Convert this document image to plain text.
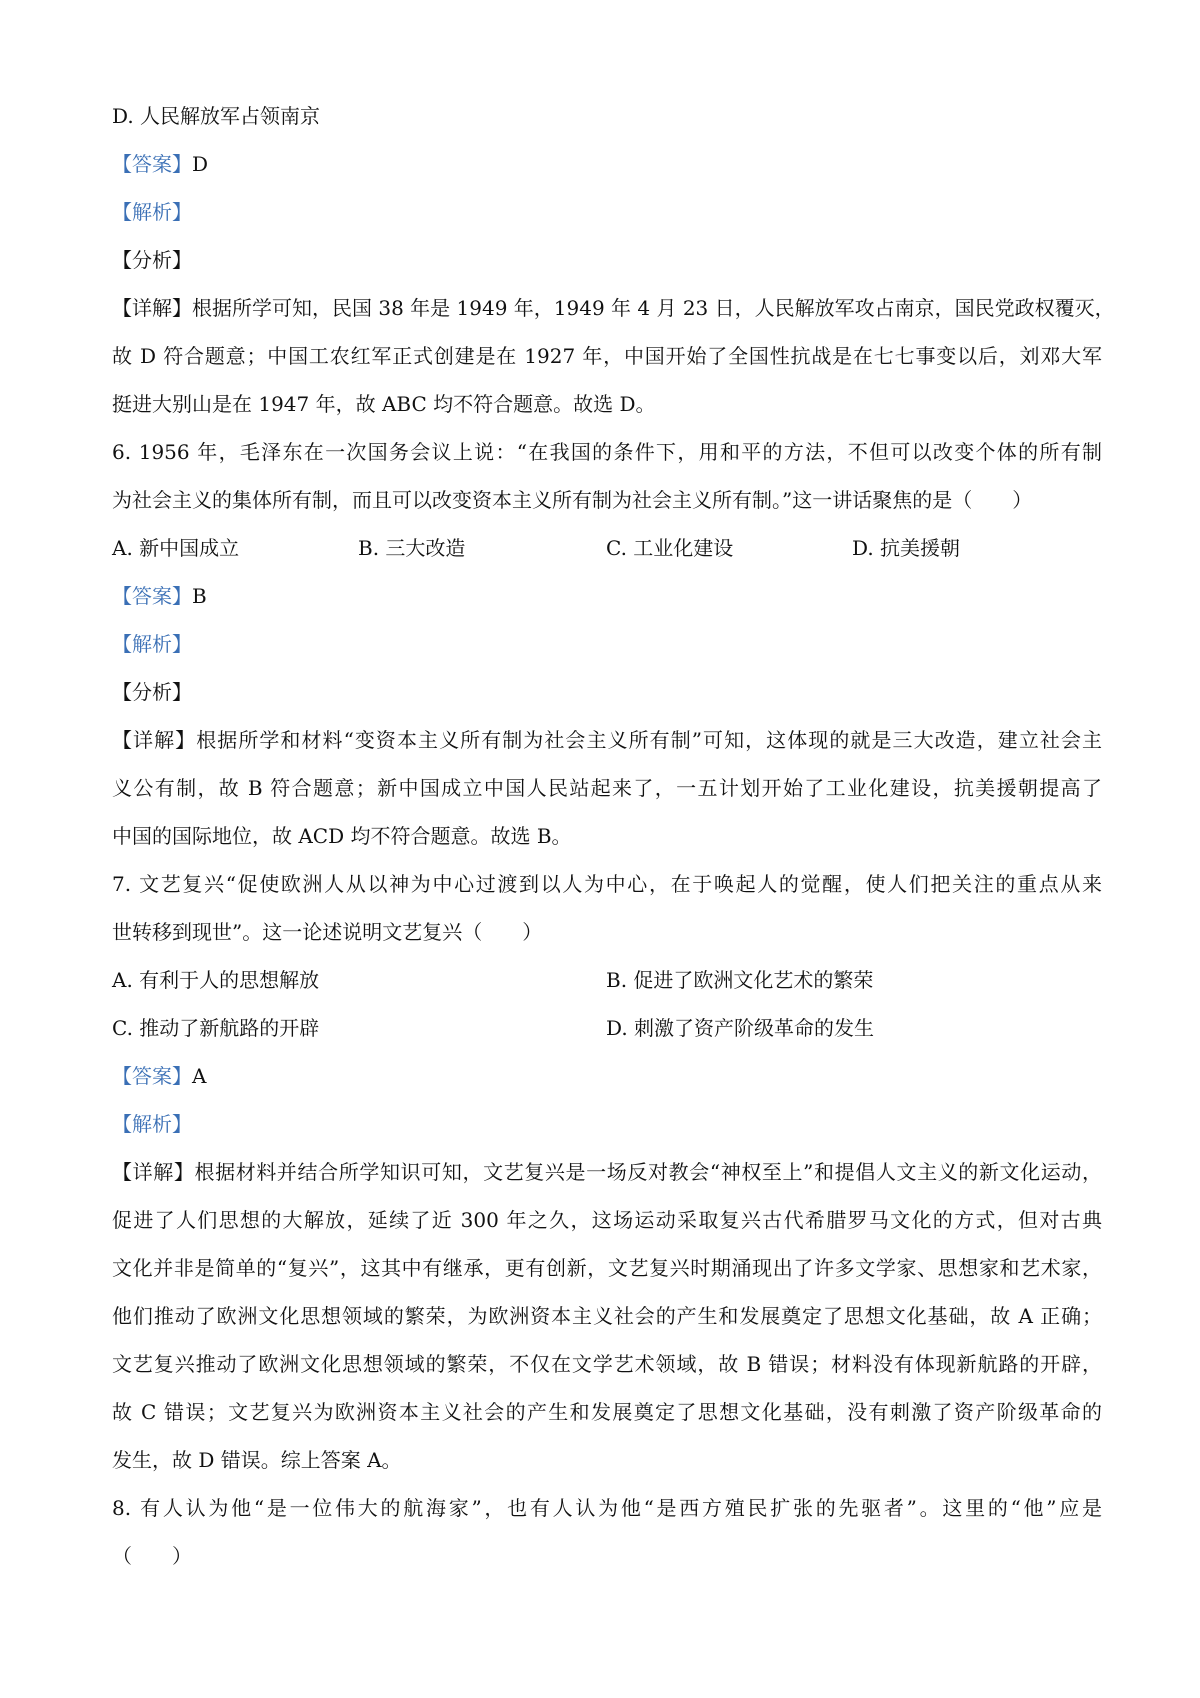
D. 人民解放军占领南京
【答案】D
【解析】
【分析】
【详解】根据所学可知，民国 38 年是 1949 年，1949 年 4 月 23 日，人民解放军攻占南京，国民党政权覆灭，
故 D 符合题意；中国工农红军正式创建是在 1927 年，中国开始了全国性抗战是在七七事变以后，刘邓大军
挺进大别山是在 1947 年，故 ABC 均不符合题意。故选 D。
6. 1956 年，毛泽东在一次国务会议上说：“在我国的条件下，用和平的方法，不但可以改变个体的所有制
为社会主义的集体所有制，而且可以改变资本主义所有制为社会主义所有制。”这一讲话聚焦的是（　　）
A. 新中国成立	B. 三大改造	C. 工业化建设	D. 抗美援朝
【答案】B
【解析】
【分析】
【详解】根据所学和材料“变资本主义所有制为社会主义所有制”可知，这体现的就是三大改造，建立社会主
义公有制，故 B 符合题意；新中国成立中国人民站起来了，一五计划开始了工业化建设，抗美援朝提高了
中国的国际地位，故 ACD 均不符合题意。故选 B。
7. 文艺复兴“促使欧洲人从以神为中心过渡到以人为中心，在于唤起人的觉醒，使人们把关注的重点从来
世转移到现世”。这一论述说明文艺复兴（　　）
A. 有利于人的思想解放	B. 促进了欧洲文化艺术的繁荣
C. 推动了新航路的开辟	D. 刺激了资产阶级革命的发生
【答案】A
【解析】
【详解】根据材料并结合所学知识可知，文艺复兴是一场反对教会“神权至上”和提倡人文主义的新文化运动，
促进了人们思想的大解放，延续了近 300 年之久，这场运动采取复兴古代希腊罗马文化的方式，但对古典
文化并非是简单的“复兴”，这其中有继承，更有创新，文艺复兴时期涌现出了许多文学家、思想家和艺术家，
他们推动了欧洲文化思想领域的繁荣，为欧洲资本主义社会的产生和发展奠定了思想文化基础，故 A 正确；
文艺复兴推动了欧洲文化思想领域的繁荣，不仅在文学艺术领域，故 B 错误；材料没有体现新航路的开辟，
故 C 错误；文艺复兴为欧洲资本主义社会的产生和发展奠定了思想文化基础，没有刺激了资产阶级革命的
发生，故 D 错误。综上答案 A。
8. 有人认为他“是一位伟大的航海家”，也有人认为他“是西方殖民扩张的先驱者”。这里的“他”应是
（　　）
